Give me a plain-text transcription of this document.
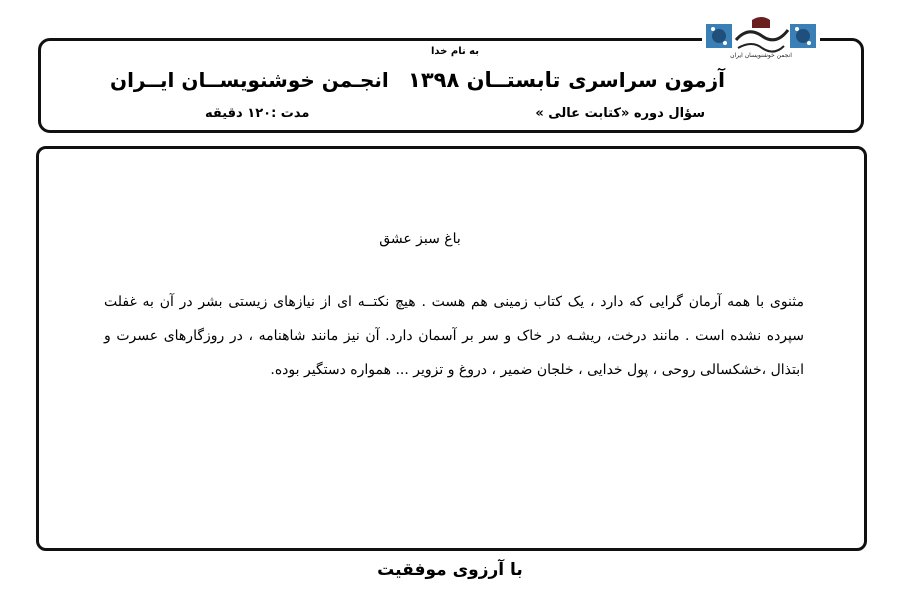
انجمن خوشنویسان ایران
به نام خدا
آزمون سراسری
تابستــان ۱۳۹۸
انجـمن خوشنویســان ایــران
سؤال دوره «کتابت عالی »
مدت :۱۲۰ دقیقه
باغ سبز عشق
مثنوی با همه آرمان گرایی که دارد ، یک کتاب زمینی هم هست . هیچ نکتــه ای از نیازهای زیستی بشر در آن به غفلت سپرده نشده است . مانند درخت، ریشـه در خاک و سر بر آسمان دارد. آن نیز مانند شاهنامه ، در روزگارهای عسرت و ابتذال ،خشکسالی روحی ، پول خدایی ، خلجان ضمیر ، دروغ و تزویر ... همواره دستگیر بوده.
با آرزوی موفقیت
